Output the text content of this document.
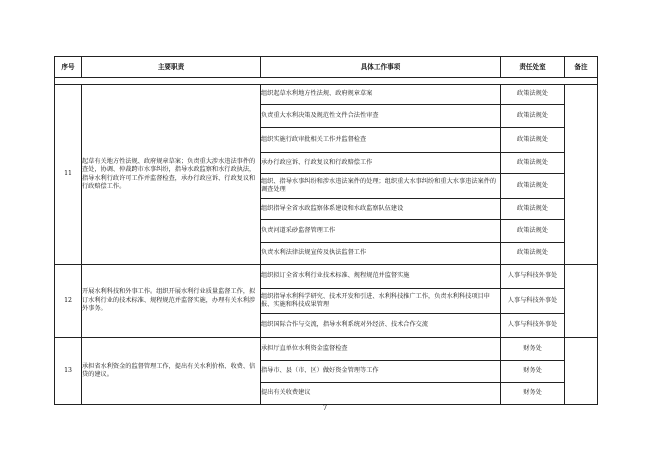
序号	主要职责	具体工作事项	责任处室	备注

11	起草有关地方性法规、政府规章草案；负责重大涉水违法事件的查处，协调、仲裁跨市水事纠纷，指导水政监察和水行政执法，指导水利行政许可工作并监督检查，承办行政应诉、行政复议和行政赔偿工作。	组织起草水利地方性法规、政府规章草案	政策法规处	
		负责重大水利决策及规范性文件合法性审查	政策法规处	
		组织实施行政审批相关工作并监督检查	政策法规处	
		承办行政应诉、行政复议和行政赔偿工作	政策法规处	
		组织、指导水事纠纷和涉水违法案件的处理；组织重大水事纠纷和重大水事违法案件的调查处理	政策法规处	
		组织指导全省水政监察体系建设和水政监察队伍建设	政策法规处	
		负责河道采砂监督管理工作	政策法规处	
		负责水利法律法规宣传及执法监督工作	政策法规处	
12	开展水利科技和外事工作。组织开展水利行业质量监督工作，拟订水利行业的技术标准、规程规范并监督实施，办理有关水利涉外事务。	组织拟订全省水利行业技术标准、规程规范并监督实施	人事与科技外事处	
		组织指导水利科学研究、技术开发和引进、水利科技推广工作，负责水利科技项目申报、实施和科技成果管理	人事与科技外事处	
		组织国际合作与交流，指导水利系统对外经济、技术合作交流	人事与科技外事处	
13	承担省水利资金的监督管理工作，提出有关水利价格、收费、信贷的建议。	承担厅直单位水利资金监督检查	财务处	
		指导市、县（市、区）做好资金管理等工作	财务处	
		提出有关收费建议	财务处	
7
